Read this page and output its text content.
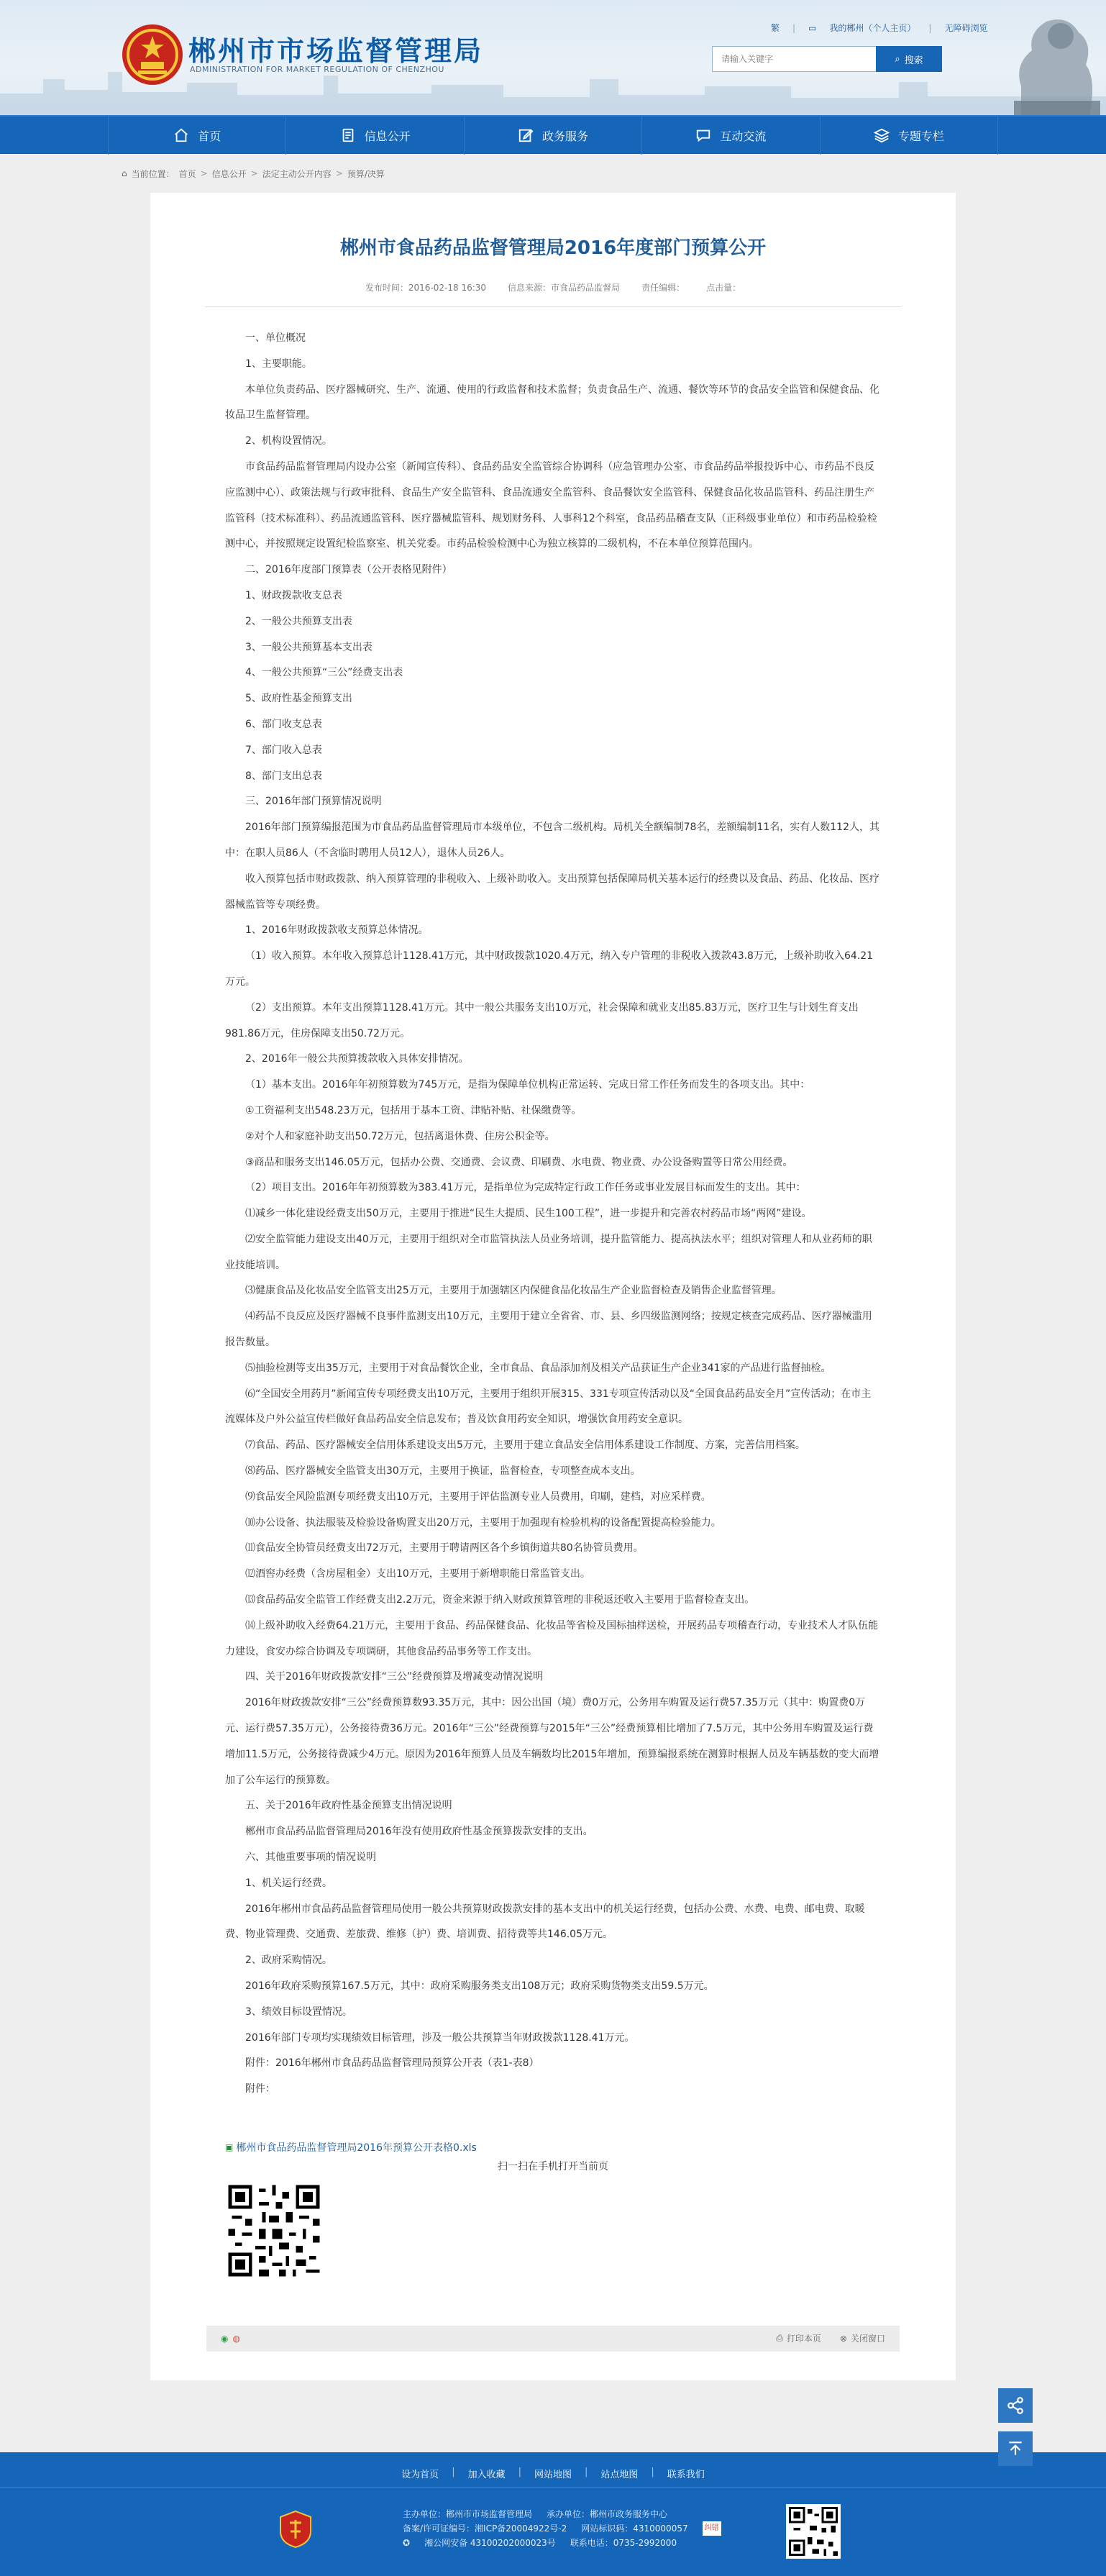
郴州市市场监督管理局
ADMINISTRATION FOR MARKET REGULATION OF CHENZHOU
繁 | ▭ 我的郴州（个人主页） | 无障碍浏览
请输入关键字
⌕ 搜索
首页	信息公开	政务服务	互动交流	专题专栏
⌂ 当前位置： 首页 > 信息公开 > 法定主动公开内容 > 预算/决算
郴州市食品药品监督管理局2016年度部门预算公开
发布时间：2016-02-18 16:30	信息来源：市食品药品监督局	责任编辑：	点击量：

一、单位概况

1、主要职能。

本单位负责药品、医疗器械研究、生产、流通、使用的行政监督和技术监督；负责食品生产、流通、餐饮等环节的食品安全监管和保健食品、化妆品卫生监督管理。

2、机构设置情况。

市食品药品监督管理局内设办公室（新闻宣传科）、食品药品安全监管综合协调科（应急管理办公室、市食品药品举报投诉中心、市药品不良反应监测中心）、政策法规与行政审批科、食品生产安全监管科、食品流通安全监管科、食品餐饮安全监管科、保健食品化妆品监管科、药品注册生产监管科（技术标准科）、药品流通监管科、医疗器械监管科、规划财务科、人事科12个科室，食品药品稽查支队（正科级事业单位）和市药品检验检测中心，并按照规定设置纪检监察室、机关党委。市药品检验检测中心为独立核算的二级机构，不在本单位预算范围内。

二、2016年度部门预算表（公开表格见附件）

1、财政拨款收支总表

2、一般公共预算支出表

3、一般公共预算基本支出表

4、一般公共预算“三公”经费支出表

5、政府性基金预算支出

6、部门收支总表

7、部门收入总表

8、部门支出总表

三、2016年部门预算情况说明

2016年部门预算编报范围为市食品药品监督管理局市本级单位，不包含二级机构。局机关全额编制78名，差额编制11名，实有人数112人，其中：在职人员86人（不含临时聘用人员12人），退休人员26人。

收入预算包括市财政拨款、纳入预算管理的非税收入、上级补助收入。支出预算包括保障局机关基本运行的经费以及食品、药品、化妆品、医疗器械监管等专项经费。

1、2016年财政拨款收支预算总体情况。

（1）收入预算。本年收入预算总计1128.41万元，其中财政拨款1020.4万元，纳入专户管理的非税收入拨款43.8万元，上级补助收入64.21万元。

（2）支出预算。本年支出预算1128.41万元。其中一般公共服务支出10万元，社会保障和就业支出85.83万元，医疗卫生与计划生育支出981.86万元，住房保障支出50.72万元。

2、2016年一般公共预算拨款收入具体安排情况。

（1）基本支出。2016年年初预算数为745万元，是指为保障单位机构正常运转、完成日常工作任务而发生的各项支出。其中：

①工资福利支出548.23万元，包括用于基本工资、津贴补贴、社保缴费等。

②对个人和家庭补助支出50.72万元，包括离退休费、住房公积金等。

③商品和服务支出146.05万元，包括办公费、交通费、会议费、印刷费、水电费、物业费、办公设备购置等日常公用经费。

（2）项目支出。2016年年初预算数为383.41万元，是指单位为完成特定行政工作任务或事业发展目标而发生的支出。其中：

⑴减乡一体化建设经费支出50万元，主要用于推进“民生大提质、民生100工程”，进一步提升和完善农村药品市场“两网”建设。

⑵安全监管能力建设支出40万元，主要用于组织对全市监管执法人员业务培训，提升监管能力、提高执法水平；组织对管理人和从业药师的职业技能培训。

⑶健康食品及化妆品安全监管支出25万元，主要用于加强辖区内保健食品化妆品生产企业监督检查及销售企业监督管理。

⑷药品不良反应及医疗器械不良事件监测支出10万元，主要用于建立全省省、市、县、乡四级监测网络；按规定核查完成药品、医疗器械滥用报告数量。

⑸抽验检测等支出35万元，主要用于对食品餐饮企业，全市食品、食品添加剂及相关产品获证生产企业341家的产品进行监督抽检。

⑹“全国安全用药月”新闻宣传专项经费支出10万元，主要用于组织开展315、331专项宣传活动以及“全国食品药品安全月”宣传活动；在市主流媒体及户外公益宣传栏做好食品药品安全信息发布；普及饮食用药安全知识，增强饮食用药安全意识。

⑺食品、药品、医疗器械安全信用体系建设支出5万元，主要用于建立食品安全信用体系建设工作制度、方案，完善信用档案。

⑻药品、医疗器械安全监管支出30万元，主要用于换证，监督检查，专项整查成本支出。

⑼食品安全风险监测专项经费支出10万元，主要用于评估监测专业人员费用，印刷，建档，对应采样费。

⑽办公设备、执法服装及检验设备购置支出20万元，主要用于加强现有检验机构的设备配置提高检验能力。

⑾食品安全协管员经费支出72万元，主要用于聘请两区各个乡镇街道共80名协管员费用。

⑿酒窖办经费（含房屋租金）支出10万元，主要用于新增职能日常监管支出。

⒀食品药品安全监管工作经费支出2.2万元，资金来源于纳入财政预算管理的非税返还收入主要用于监督检查支出。

⒁上级补助收入经费64.21万元，主要用于食品、药品保健食品、化妆品等省检及国标抽样送检，开展药品专项稽查行动，专业技术人才队伍能力建设，食安办综合协调及专项调研，其他食品药品事务等工作支出。

四、关于2016年财政拨款安排“三公”经费预算及增减变动情况说明

2016年财政拨款安排“三公”经费预算数93.35万元，其中：因公出国（境）费0万元，公务用车购置及运行费57.35万元（其中：购置费0万元、运行费57.35万元），公务接待费36万元。2016年“三公”经费预算与2015年“三公”经费预算相比增加了7.5万元，其中公务用车购置及运行费增加11.5万元，公务接待费减少4万元。原因为2016年预算人员及车辆数均比2015年增加，预算编报系统在测算时根据人员及车辆基数的变大而增加了公车运行的预算数。

五、关于2016年政府性基金预算支出情况说明

郴州市食品药品监督管理局2016年没有使用政府性基金预算拨款安排的支出。

六、其他重要事项的情况说明

1、机关运行经费。

2016年郴州市食品药品监督管理局使用一般公共预算财政拨款安排的基本支出中的机关运行经费，包括办公费、水费、电费、邮电费、取暖费、物业管理费、交通费、差旅费、维修（护）费、培训费、招待费等共146.05万元。

2、政府采购情况。

2016年政府采购预算167.5万元，其中：政府采购服务类支出108万元；政府采购货物类支出59.5万元。

3、绩效目标设置情况。

2016年部门专项均实现绩效目标管理，涉及一般公共预算当年财政拨款1128.41万元。

附件：2016年郴州市食品药品监督管理局预算公开表（表1-表8）

附件：

▣ 郴州市食品药品监督管理局2016年预算公开表格0.xls
扫一扫在手机打开当前页
◉ ◍	⎙ 打印本页 ⊗ 关闭窗口
设为首页 | 加入收藏 | 网站地图 | 站点地图 | 联系我们
主办单位：郴州市市场监督管理局 承办单位：郴州市政务服务中心
备案/许可证编号：湘ICP备20004922号-2 网站标识码：4310000057	纠错
✪ 湘公网安备 43100202000023号 联系电话：0735-2992000
